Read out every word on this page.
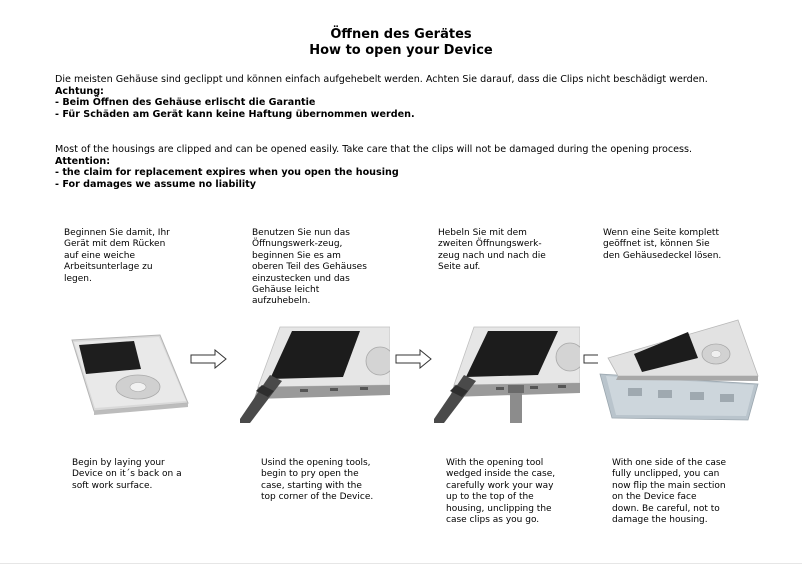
Öffnen des Gerätes
How to open your Device
Die meisten Gehäuse sind geclippt und können einfach aufgehebelt werden. Achten Sie darauf, dass die Clips nicht beschädigt werden.
Achtung:
- Beim Öffnen des Gehäuse erlischt die Garantie
- Für Schäden am Gerät kann keine Haftung übernommen werden.
Most of the housings are clipped and can be opened easily. Take care that the clips will not be damaged during the opening process.
Attention:
- the claim for replacement expires when you open the housing
- For damages we assume no liability
Beginnen Sie damit, Ihr
Gerät mit dem Rücken
auf eine weiche
Arbeitsunterlage zu
legen.
Benutzen Sie nun das
Öffnungswerk-zeug,
beginnen Sie es am
oberen Teil des Gehäuses
einzustecken und das
Gehäuse leicht
aufzuhebeln.
Hebeln Sie mit dem
zweiten Öffnungswerk-
zeug nach und nach die
Seite auf.
Wenn eine Seite komplett
geöffnet ist, können Sie
den Gehäusedeckel lösen.
Begin by laying your
Device on it´s back on a
soft work surface.
Usind the opening tools,
begin to pry open the
case, starting with the
top corner of the Device.
With the opening tool
wedged inside the case,
carefully work your way
up to the top of the
housing, unclipping the
case clips as you go.
With one side of the case
fully unclipped, you can
now flip the main section
on the Device face
down. Be careful, not to
damage the housing.
